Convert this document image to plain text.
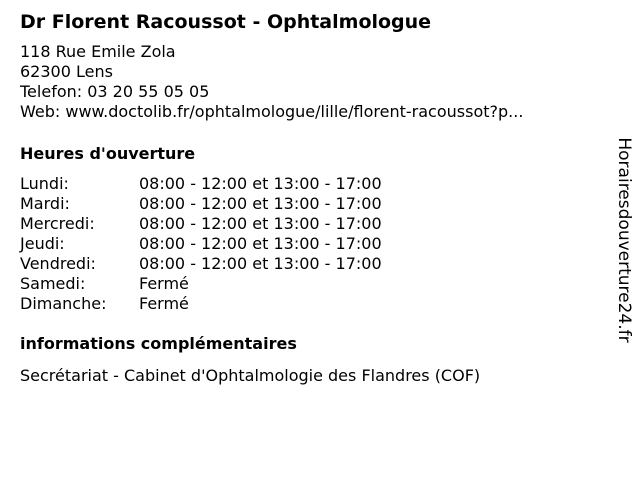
Dr Florent Racoussot - Ophtalmologue
118 Rue Emile Zola
62300 Lens
Telefon: 03 20 55 05 05
Web: www.doctolib.fr/ophtalmologue/lille/florent-racoussot?p...
Heures d'ouverture
Lundi:	08:00 - 12:00 et 13:00 - 17:00
Mardi:	08:00 - 12:00 et 13:00 - 17:00
Mercredi:	08:00 - 12:00 et 13:00 - 17:00
Jeudi:	08:00 - 12:00 et 13:00 - 17:00
Vendredi:	08:00 - 12:00 et 13:00 - 17:00
Samedi:	Fermé
Dimanche:	Fermé
informations complémentaires
Secrétariat - Cabinet d'Ophtalmologie des Flandres (COF)
Horairesdouverture24.fr
